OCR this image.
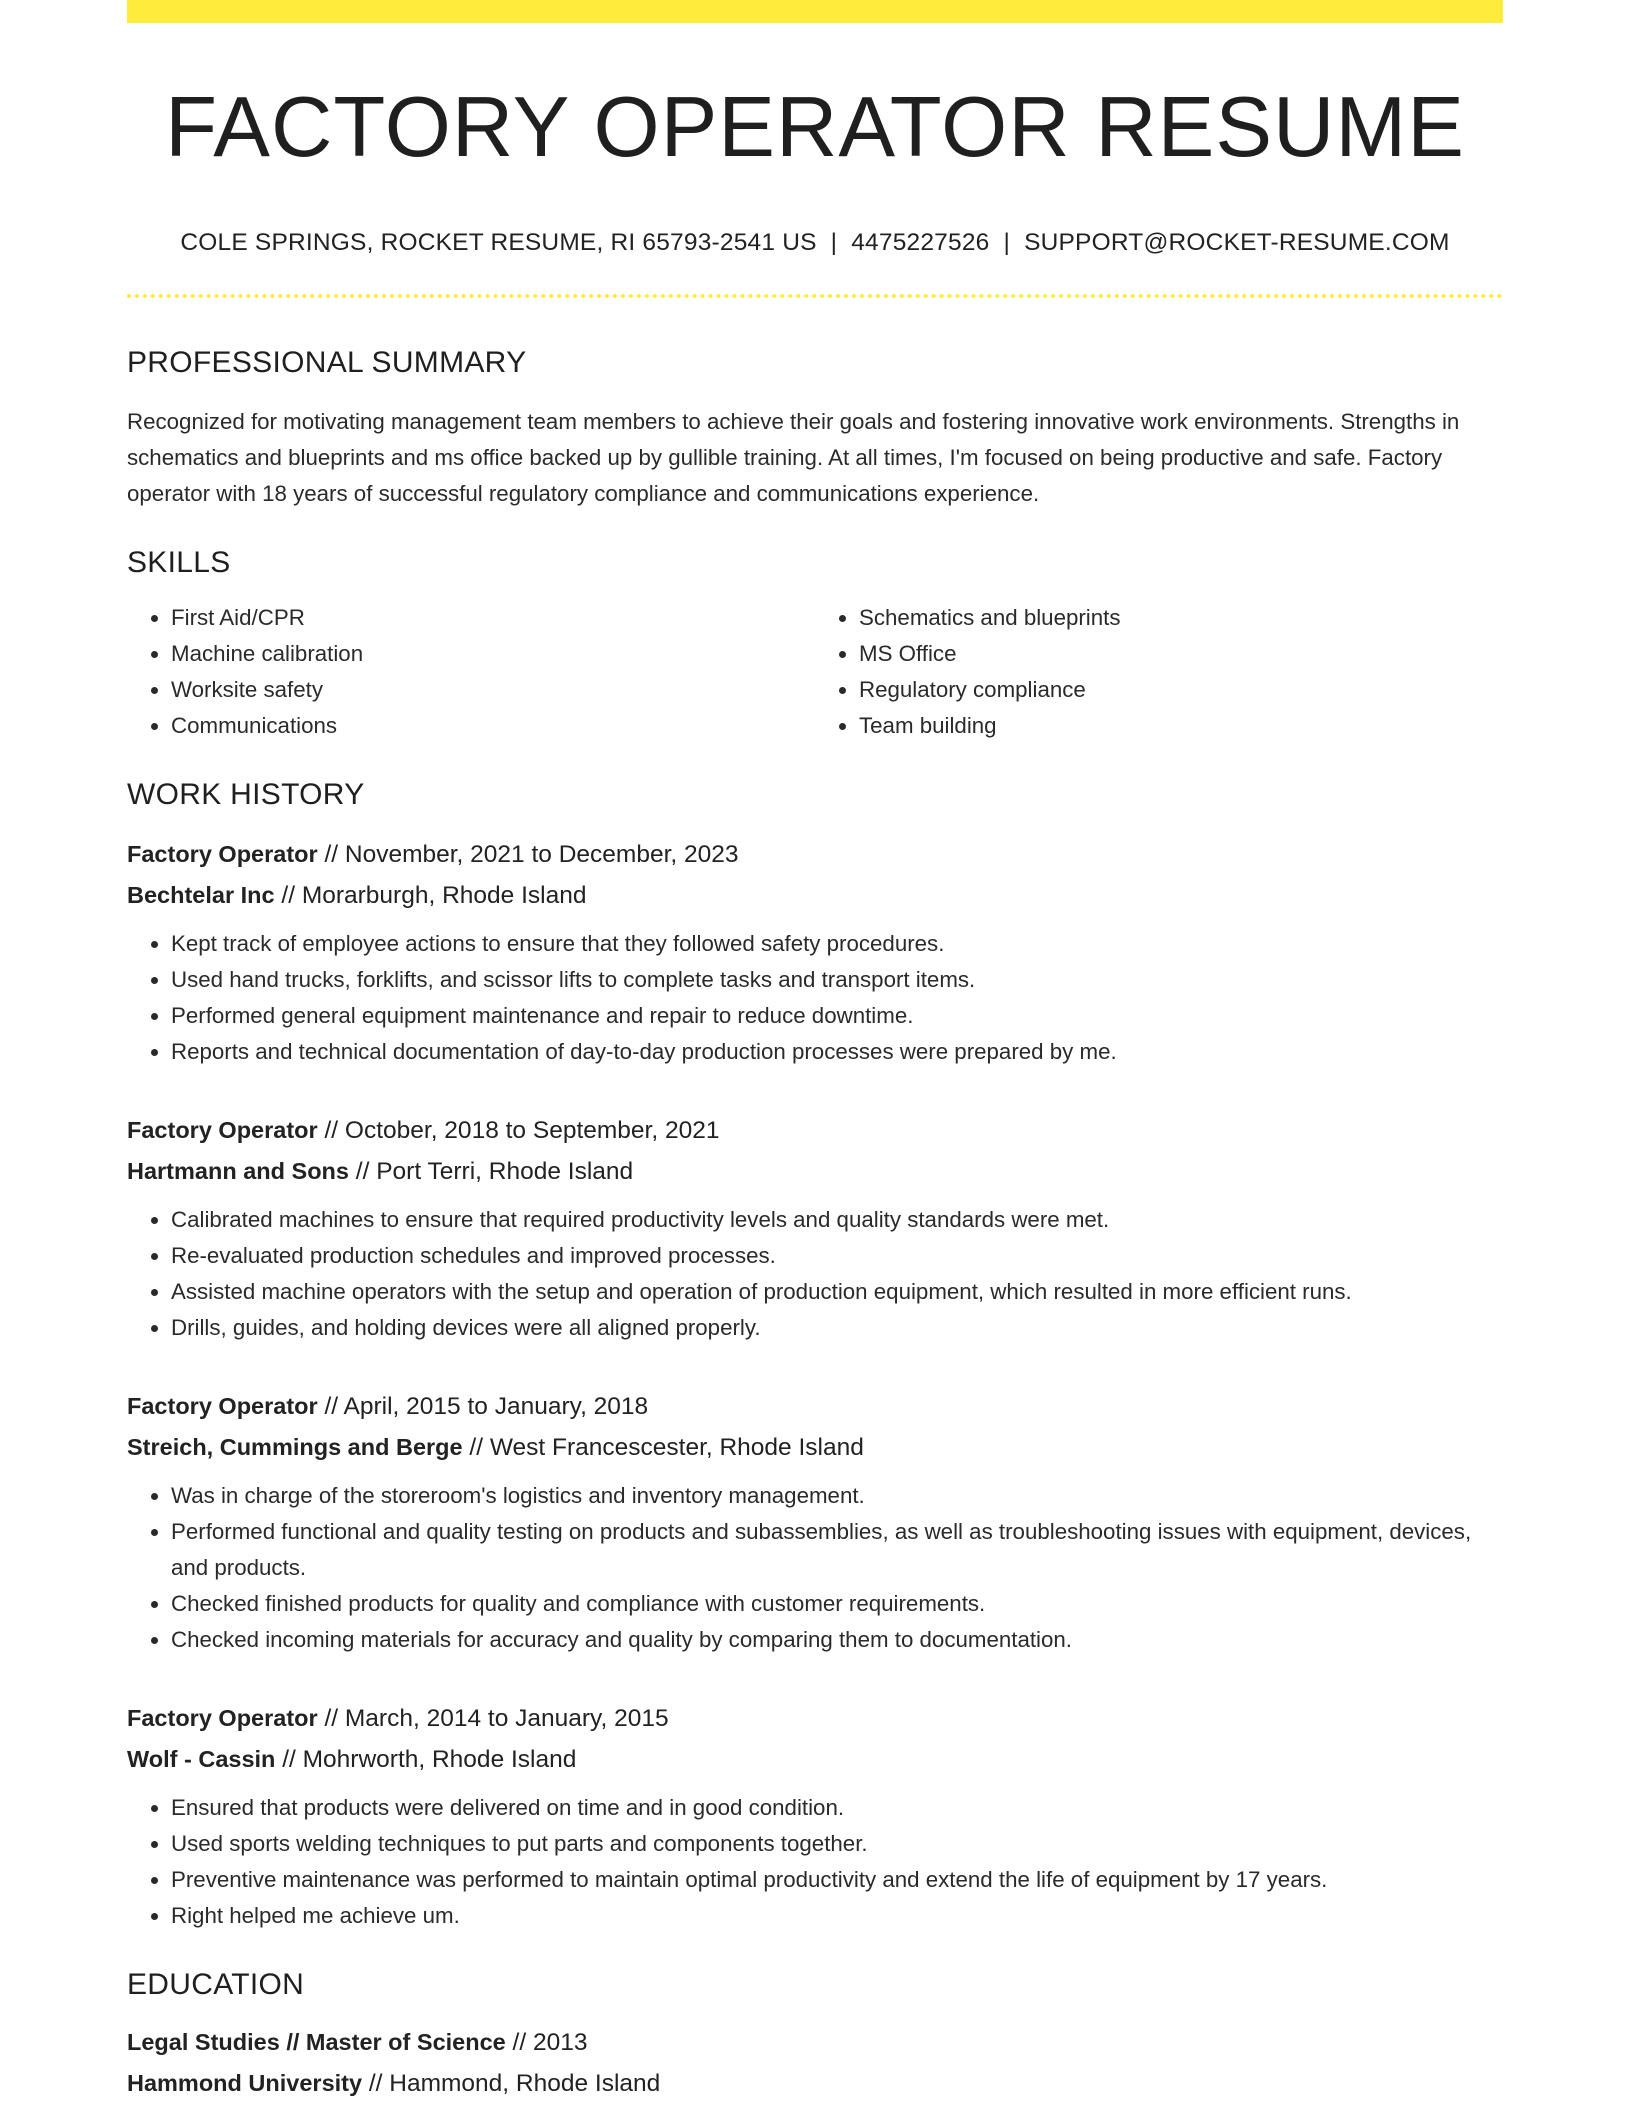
FACTORY OPERATOR RESUME
COLE SPRINGS, ROCKET RESUME, RI 65793-2541 US | 4475227526 | SUPPORT@ROCKET-RESUME.COM
PROFESSIONAL SUMMARY

Recognized for motivating management team members to achieve their goals and fostering innovative work environments. Strengths in schematics and blueprints and ms office backed up by gullible training. At all times, I'm focused on being productive and safe. Factory operator with 18 years of successful regulatory compliance and communications experience.

SKILLS
• First Aid/CPR
• Machine calibration
• Worksite safety
• Communications
• Schematics and blueprints
• MS Office
• Regulatory compliance
• Team building
WORK HISTORY
Factory Operator // November, 2021 to December, 2023
Bechtelar Inc // Morarburgh, Rhode Island
• Kept track of employee actions to ensure that they followed safety procedures.
• Used hand trucks, forklifts, and scissor lifts to complete tasks and transport items.
• Performed general equipment maintenance and repair to reduce downtime.
• Reports and technical documentation of day-to-day production processes were prepared by me.
Factory Operator // October, 2018 to September, 2021
Hartmann and Sons // Port Terri, Rhode Island
• Calibrated machines to ensure that required productivity levels and quality standards were met.
• Re-evaluated production schedules and improved processes.
• Assisted machine operators with the setup and operation of production equipment, which resulted in more efficient runs.
• Drills, guides, and holding devices were all aligned properly.
Factory Operator // April, 2015 to January, 2018
Streich, Cummings and Berge // West Francescester, Rhode Island
• Was in charge of the storeroom's logistics and inventory management.
• Performed functional and quality testing on products and subassemblies, as well as troubleshooting issues with equipment, devices, and products.
• Checked finished products for quality and compliance with customer requirements.
• Checked incoming materials for accuracy and quality by comparing them to documentation.
Factory Operator // March, 2014 to January, 2015
Wolf - Cassin // Mohrworth, Rhode Island
• Ensured that products were delivered on time and in good condition.
• Used sports welding techniques to put parts and components together.
• Preventive maintenance was performed to maintain optimal productivity and extend the life of equipment by 17 years.
• Right helped me achieve um.
EDUCATION
Legal Studies // Master of Science // 2013
Hammond University // Hammond, Rhode Island
